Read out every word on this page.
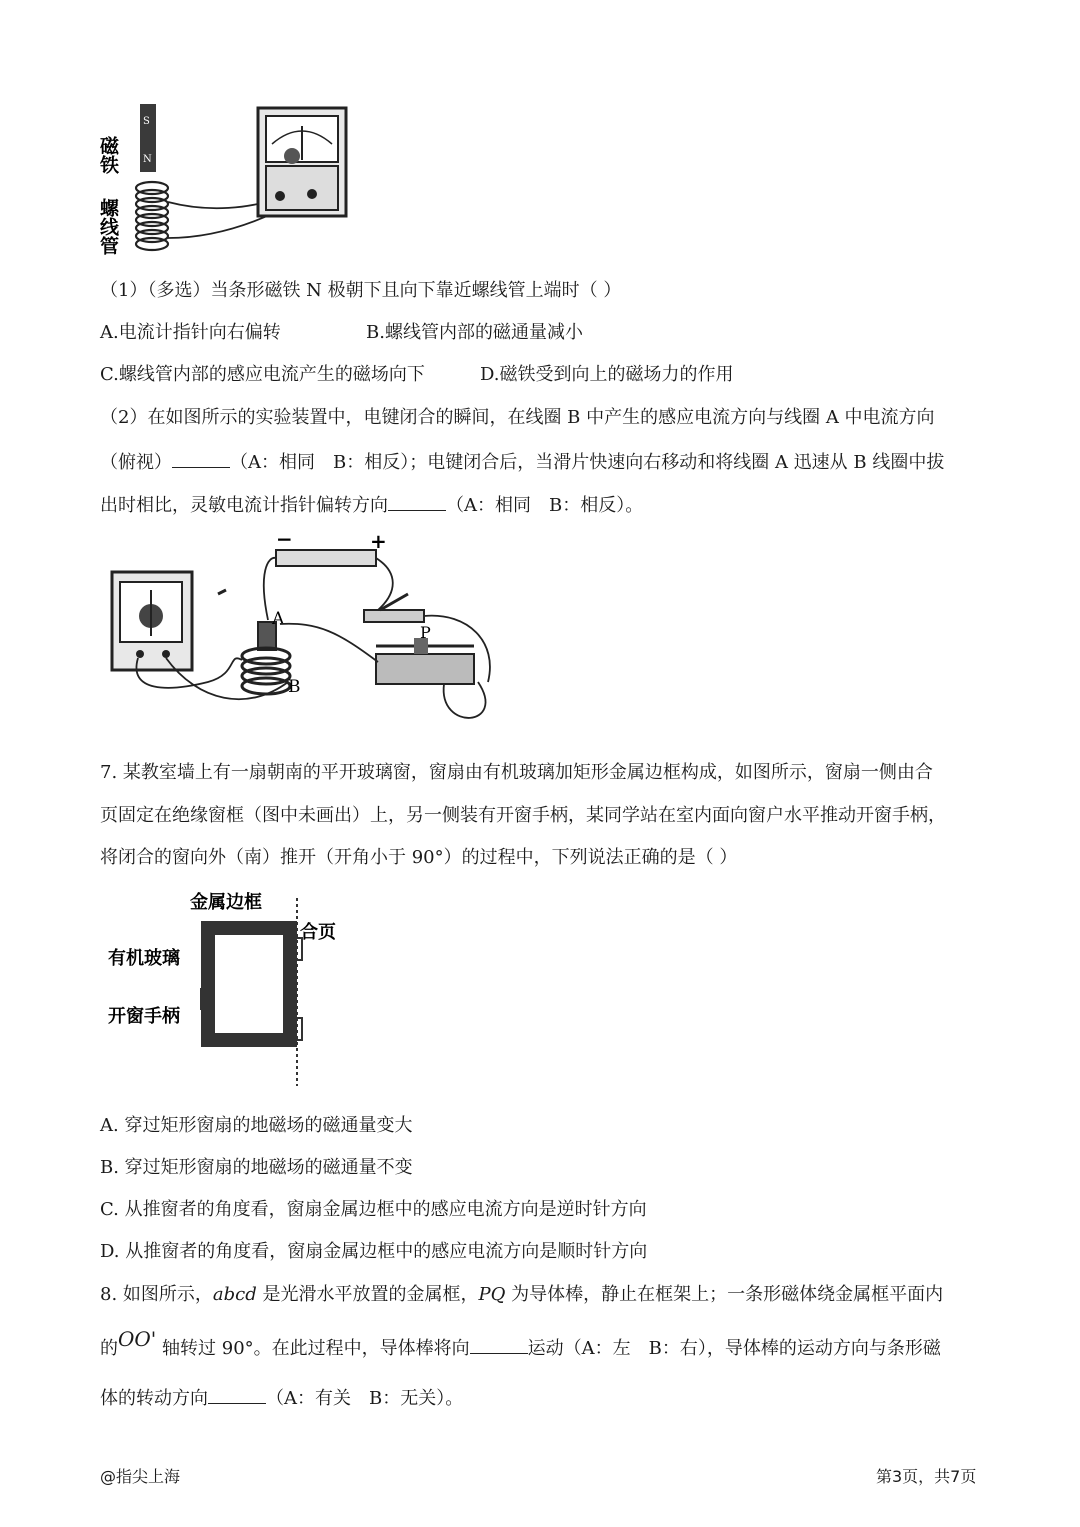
磁铁
S
N
螺线管
（1）（多选）当条形磁铁 N 极朝下且向下靠近螺线管上端时（ ）
A.电流计指针向右偏转	B.螺线管内部的磁通量减小
C.螺线管内部的感应电流产生的磁场向下	D.磁铁受到向上的磁场力的作用
（2）在如图所示的实验装置中，电键闭合的瞬间，在线圈 B 中产生的感应电流方向与线圈 A 中电流方向
（俯视）	（A：相同　B：相反）；电键闭合后，当滑片快速向右移动和将线圈 A 迅速从 B 线圈中拔
出时相比，灵敏电流计指针偏转方向	（A：相同　B：相反）。
−	+
A
B
P
7. 某教室墙上有一扇朝南的平开玻璃窗，窗扇由有机玻璃加矩形金属边框构成，如图所示，窗扇一侧由合
页固定在绝缘窗框（图中未画出）上，另一侧装有开窗手柄，某同学站在室内面向窗户水平推动开窗手柄，
将闭合的窗向外（南）推开（开角小于 90°）的过程中，下列说法正确的是（ ）
金属边框
合页
有机玻璃
开窗手柄
A. 穿过矩形窗扇的地磁场的磁通量变大
B. 穿过矩形窗扇的地磁场的磁通量不变
C. 从推窗者的角度看，窗扇金属边框中的感应电流方向是逆时针方向
D. 从推窗者的角度看，窗扇金属边框中的感应电流方向是顺时针方向
8. 如图所示，abcd 是光滑水平放置的金属框，PQ 为导体棒，静止在框架上；一条形磁体绕金属框平面内
的OO' 轴转过 90°。在此过程中，导体棒将向	运动（A：左　B：右），导体棒的运动方向与条形磁
体的转动方向	（A：有关　B：无关）。
@指尖上海	第3页，共7页
